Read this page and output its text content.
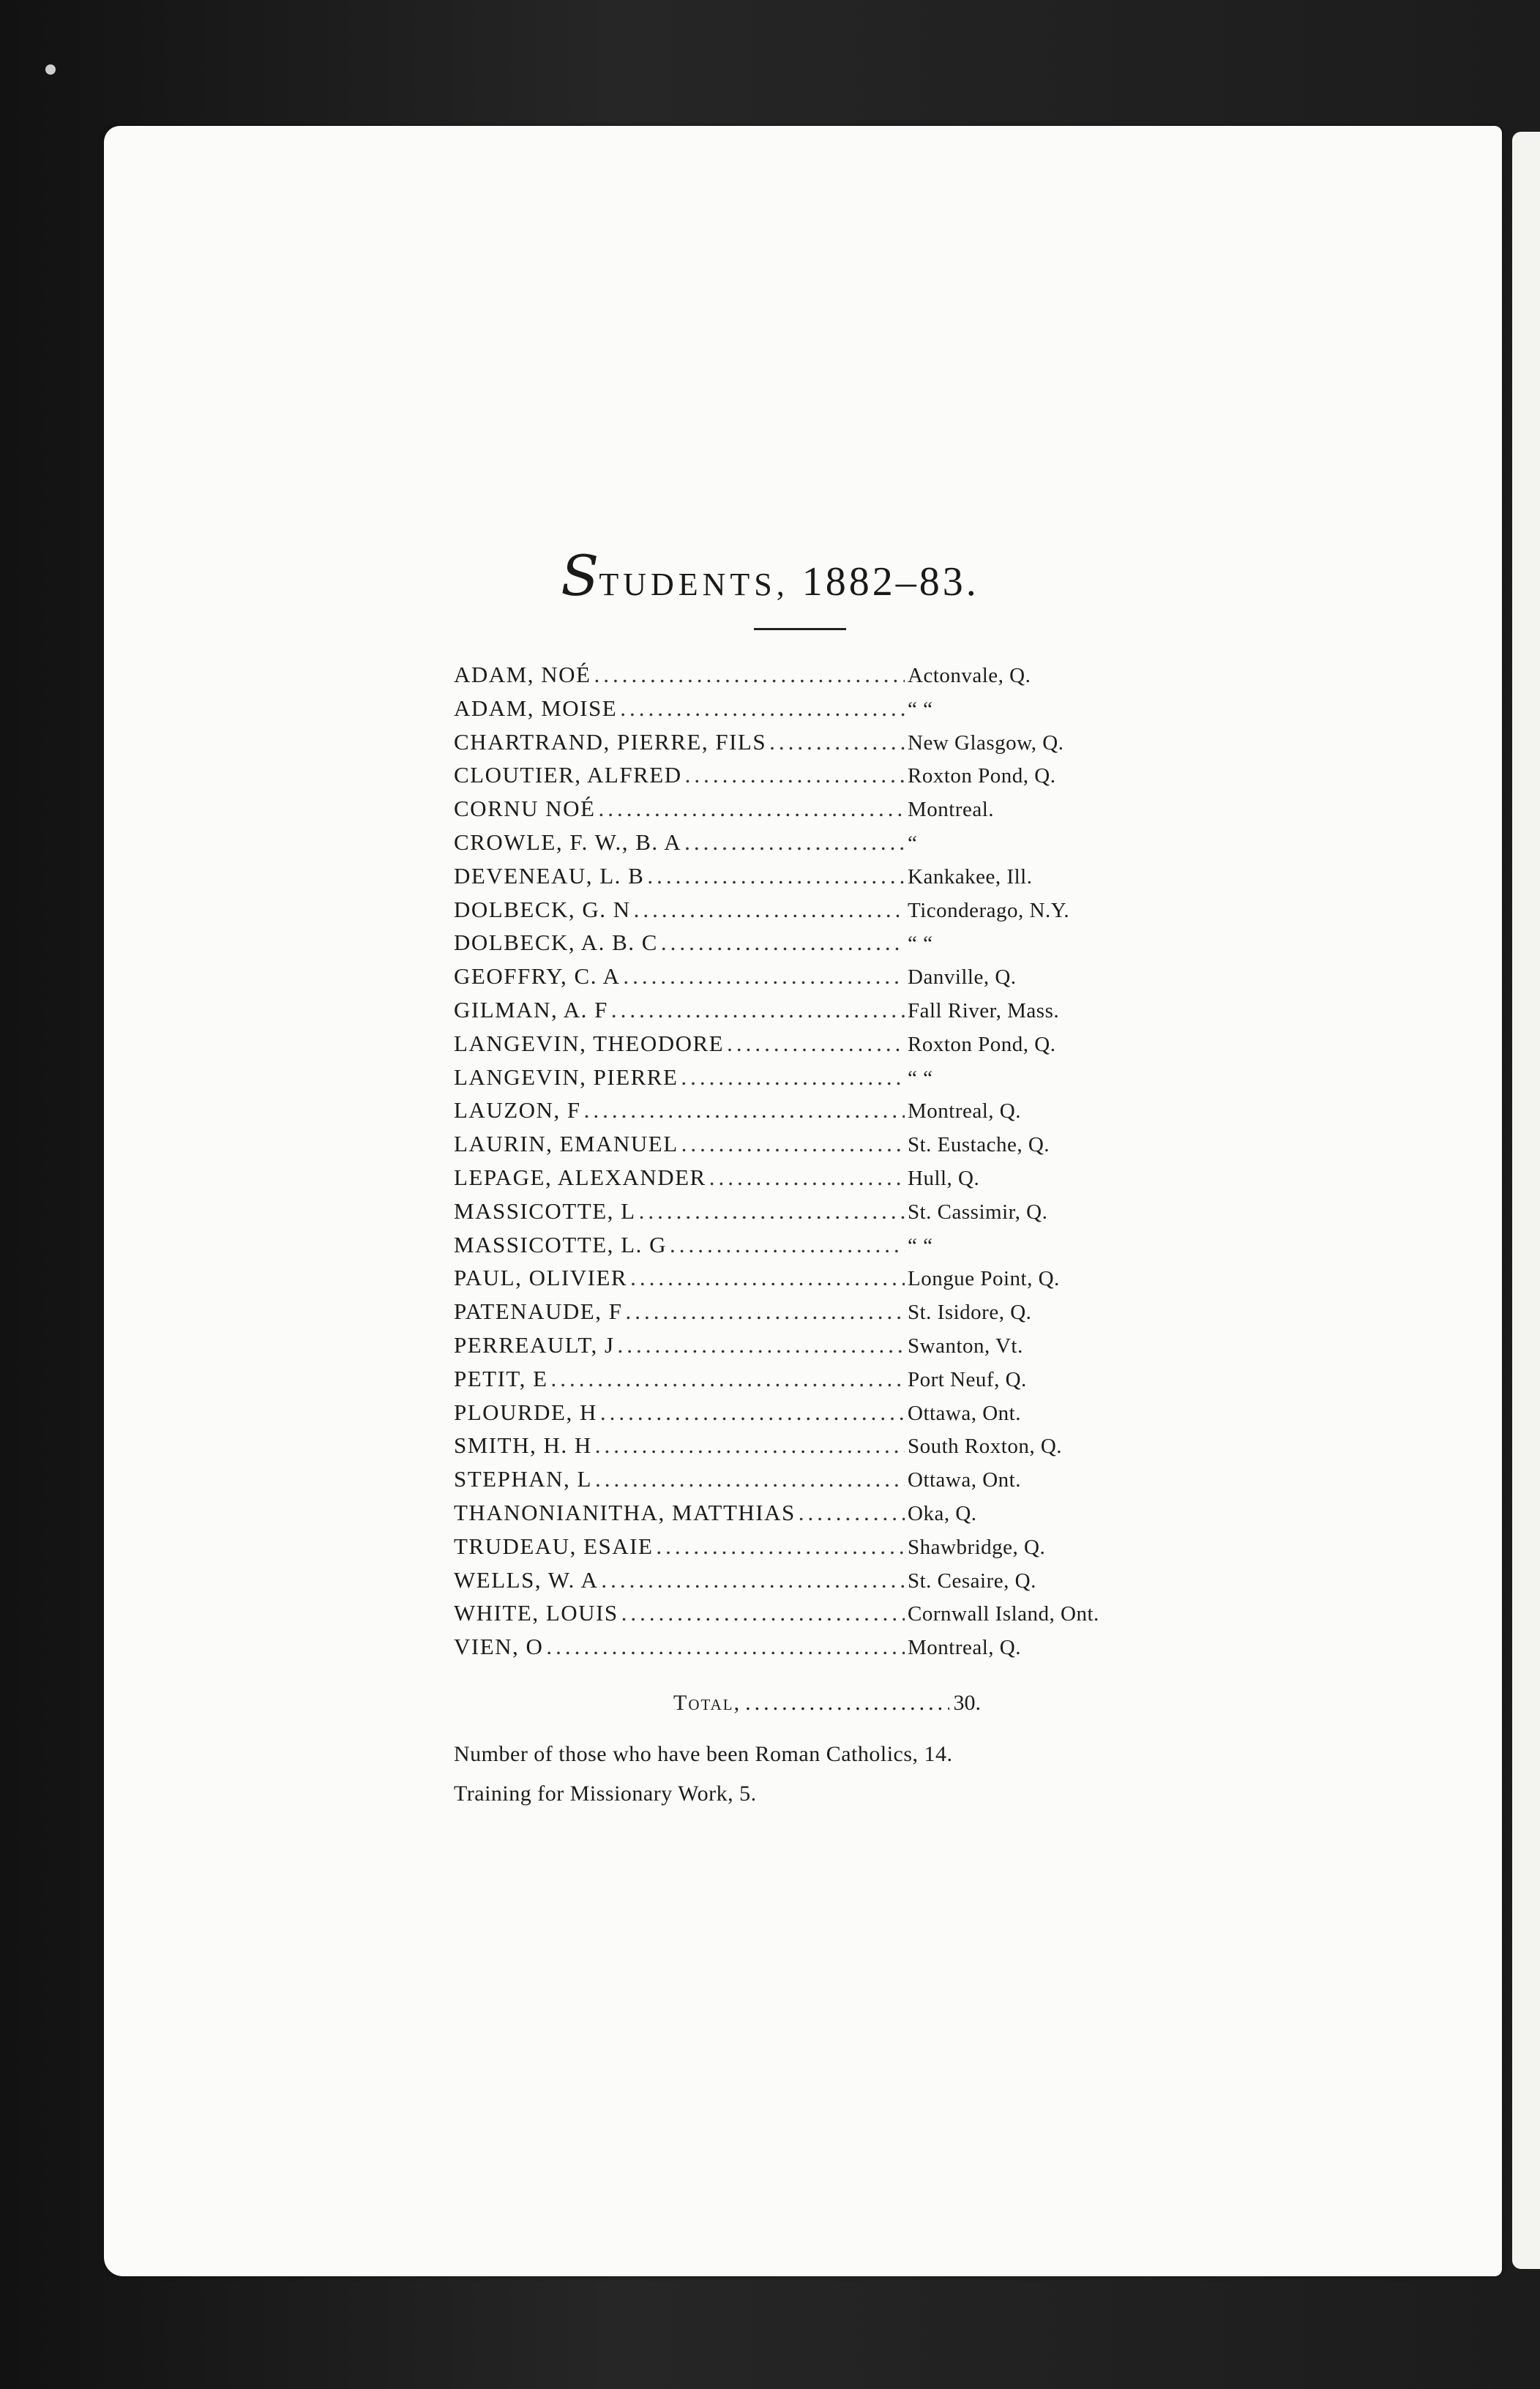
STUDENTS, 1882–83.
ADAM, NOÉ .....	Actonvale, Q.
ADAM, MOISE .....	“ “
CHARTRAND, PIERRE, FILS .....	New Glasgow, Q.
CLOUTIER, ALFRED .....	Roxton Pond, Q.
CORNU NOÉ .....	Montreal.
CROWLE, F. W., B. A .....	“
DEVENEAU, L. B .....	Kankakee, Ill.
DOLBECK, G. N .....	Ticonderago, N.Y.
DOLBECK, A. B. C .....	“ “
GEOFFRY, C. A .....	Danville, Q.
GILMAN, A. F .....	Fall River, Mass.
LANGEVIN, THEODORE .....	Roxton Pond, Q.
LANGEVIN, PIERRE .....	“ “
LAUZON, F .....	Montreal, Q.
LAURIN, EMANUEL .....	St. Eustache, Q.
LEPAGE, ALEXANDER .....	Hull, Q.
MASSICOTTE, L .....	St. Cassimir, Q.
MASSICOTTE, L. G .....	“ “
PAUL, OLIVIER .....	Longue Point, Q.
PATENAUDE, F .....	St. Isidore, Q.
PERREAULT, J .....	Swanton, Vt.
PETIT, E .....	Port Neuf, Q.
PLOURDE, H .....	Ottawa, Ont.
SMITH, H. H .....	South Roxton, Q.
STEPHAN, L .....	Ottawa, Ont.
THANONIANITHA, MATTHIAS .....	Oka, Q.
TRUDEAU, ESAIE .....	Shawbridge, Q.
WELLS, W. A .....	St. Cesaire, Q.
WHITE, LOUIS .....	Cornwall Island, Ont.
VIEN, O .....	Montreal, Q.
Total, .....	30.
Number of those who have been Roman Catholics, 14.
Training for Missionary Work, 5.
